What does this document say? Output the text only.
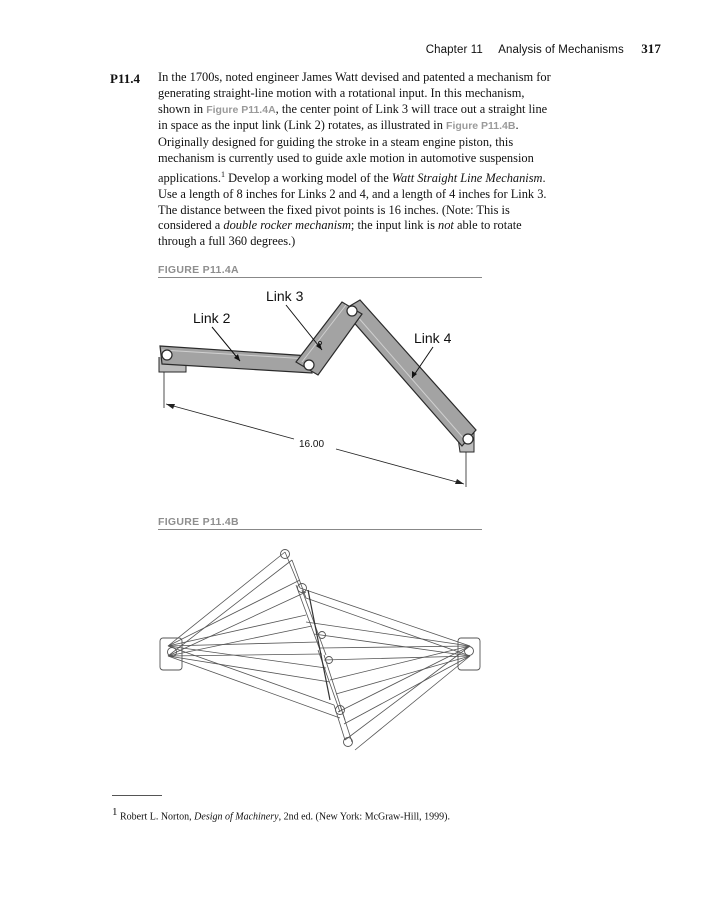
Chapter 11 Analysis of Mechanisms 317
P11.4 In the 1700s, noted engineer James Watt devised and patented a mechanism for generating straight-line motion with a rotational input. In this mechanism, shown in Figure P11.4A, the center point of Link 3 will trace out a straight line in space as the input link (Link 2) rotates, as illustrated in Figure P11.4B. Originally designed for guiding the stroke in a steam engine piston, this mechanism is currently used to guide axle motion in automotive suspension applications.$^1$ Develop a working model of the Watt Straight Line Mechanism. Use a length of 8 inches for Links 2 and 4, and a length of 4 inches for Link 3. The distance between the fixed pivot points is 16 inches. (Note: This is considered a double rocker mechanism; the input link is not able to rotate through a full 360 degrees.)

FIGURE P11.4A
Link 2
Link 3
Link 4
16.00
FIGURE P11.4B
$^1$ Robert L. Norton, Design of Machinery, 2nd ed. (New York: McGraw-Hill, 1999).
